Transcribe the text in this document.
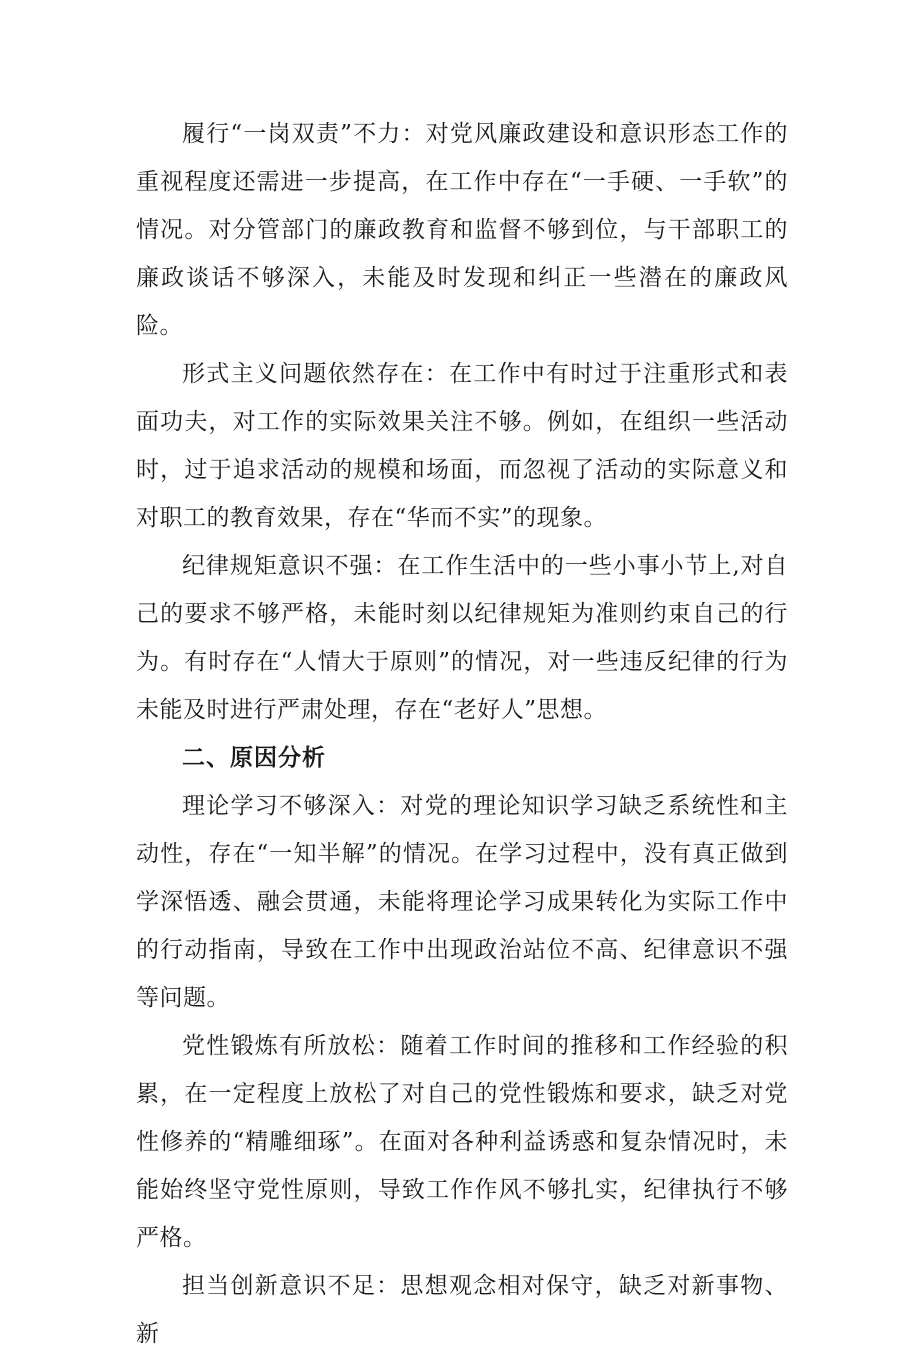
履行“一岗双责”不力：对党风廉政建设和意识形态工作的重视程度还需进一步提高，在工作中存在“一手硬、一手软”的情况。对分管部门的廉政教育和监督不够到位，与干部职工的廉政谈话不够深入，未能及时发现和纠正一些潜在的廉政风险。

形式主义问题依然存在：在工作中有时过于注重形式和表面功夫，对工作的实际效果关注不够。例如，在组织一些活动时，过于追求活动的规模和场面，而忽视了活动的实际意义和对职工的教育效果，存在“华而不实”的现象。

纪律规矩意识不强：在工作生活中的一些小事小节上,对自己的要求不够严格，未能时刻以纪律规矩为准则约束自己的行为。有时存在“人情大于原则”的情况，对一些违反纪律的行为未能及时进行严肃处理，存在“老好人”思想。

二、原因分析

理论学习不够深入：对党的理论知识学习缺乏系统性和主动性，存在“一知半解”的情况。在学习过程中，没有真正做到学深悟透、融会贯通，未能将理论学习成果转化为实际工作中的行动指南，导致在工作中出现政治站位不高、纪律意识不强等问题。

党性锻炼有所放松：随着工作时间的推移和工作经验的积累，在一定程度上放松了对自己的党性锻炼和要求，缺乏对党性修养的“精雕细琢”。在面对各种利益诱惑和复杂情况时，未能始终坚守党性原则，导致工作作风不够扎实，纪律执行不够严格。

担当创新意识不足：思想观念相对保守，缺乏对新事物、新
